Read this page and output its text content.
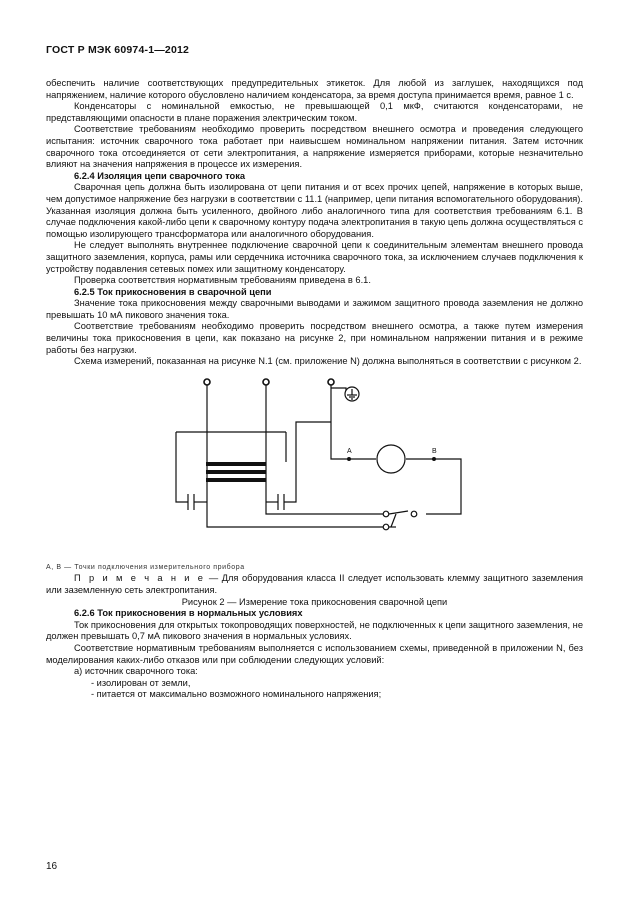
ГОСТ Р МЭК 60974-1—2012

обеспечить наличие соответствующих предупредительных этикеток. Для любой из заглушек, находящихся под напряжением, наличие которого обусловлено наличием конденсатора, за время доступа принимается время, равное 1 с.

Конденсаторы с номинальной емкостью, не превышающей 0,1 мкФ, считаются конденсаторами, не представляющими опасности в плане поражения электрическим током.

Соответствие требованиям необходимо проверить посредством внешнего осмотра и проведения следующего испытания: источник сварочного тока работает при наивысшем номинальном напряжении питания. Затем источник сварочного тока отсоединяется от сети электропитания, а напряжение измеряется приборами, которые незначительно влияют на значения напряжения в процессе их измерения.

6.2.4 Изоляция цепи сварочного тока

Сварочная цепь должна быть изолирована от цепи питания и от всех прочих цепей, напряжение в которых выше, чем допустимое напряжение без нагрузки в соответствии с 11.1 (например, цепи питания вспомогательного оборудования). Указанная изоляция должна быть усиленного, двойного либо аналогичного типа для соответствия требованиям 6.1. В случае подключения какой-либо цепи к сварочному контуру подача электропитания в такую цепь должна осуществляться с помощью изолирующего трансформатора или аналогичного оборудования.

Не следует выполнять внутреннее подключение сварочной цепи к соединительным элементам внешнего провода защитного заземления, корпуса, рамы или сердечника источника сварочного тока, за исключением случаев подключения к устройству подавления сетевых помех или защитному конденсатору.

Проверка соответствия нормативным требованиям приведена в 6.1.

6.2.5 Ток прикосновения в сварочной цепи

Значение тока прикосновения между сварочными выводами и зажимом защитного провода заземления не должно превышать 10 мА пикового значения тока.

Соответствие требованиям необходимо проверить посредством внешнего осмотра, а также путем измерения величины тока прикосновения в цепи, как показано на рисунке 2, при номинальном напряжении питания и в режиме работы без нагрузки.

Схема измерений, показанная на рисунке N.1 (см. приложение N) должна выполняться в соответствии с рисунком 2.

A	B

А, В — Точки подключения измерительного прибора

П р и м е ч а н и е — Для оборудования класса II следует использовать клемму защитного заземления или заземленную сеть электропитания.

Рисунок 2 — Измерение тока прикосновения сварочной цепи

6.2.6 Ток прикосновения в нормальных условиях

Ток прикосновения для открытых токопроводящих поверхностей, не подключенных к цепи защитного заземления, не должен превышать 0,7 мА пикового значения в нормальных условиях.

Соответствие нормативным требованиям выполняется с использованием схемы, приведенной в приложении N, без моделирования каких-либо отказов или при соблюдении следующих условий:

а) источник сварочного тока:

- изолирован от земли,

- питается от максимально возможного номинального напряжения;

16
